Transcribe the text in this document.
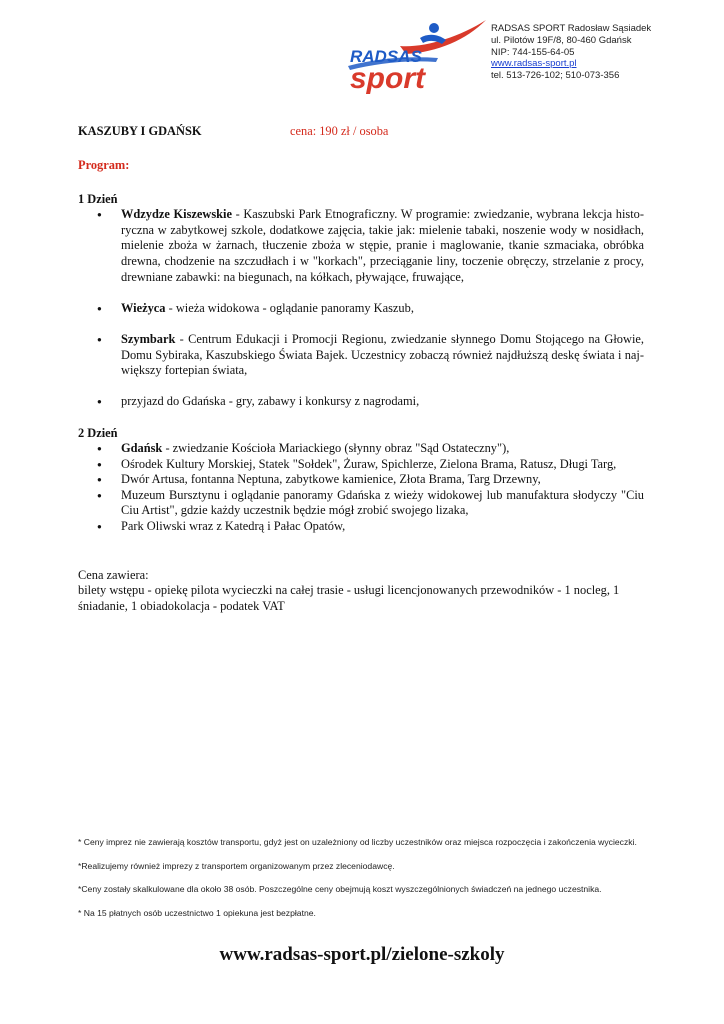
RADSAS
sport
RADSAS SPORT Radosław Sąsiadek
ul. Pilotów 19F/8, 80-460 Gdańsk
NIP: 744-155-64-05
www.radsas-sport.pl
tel. 513-726-102; 510-073-356
KASZUBY I GDAŃSK	cena: 190 zł / osoba
Program:
1 Dzień
● Wdzydze Kiszewskie - Kaszubski Park Etnograficzny. W programie: zwiedzanie, wybrana lekcja histo-ryczna w zabytkowej szkole, dodatkowe zajęcia, takie jak: mielenie tabaki, noszenie wody w nosidłach, mielenie zboża w żarnach, tłuczenie zboża w stępie, pranie i maglowanie, tkanie szmaciaka, obróbka drewna, chodzenie na szczudłach i w "korkach", przeciąganie liny, toczenie obręczy, strzelanie z procy, drewniane zabawki: na biegunach, na kółkach, pływające, fruwające,
● Wieżyca - wieża widokowa - oglądanie panoramy Kaszub,
● Szymbark - Centrum Edukacji i Promocji Regionu, zwiedzanie słynnego Domu Stojącego na Głowie, Domu Sybiraka, Kaszubskiego Świata Bajek. Uczestnicy zobaczą również najdłuższą deskę świata i naj-większy fortepian świata,
● przyjazd do Gdańska - gry, zabawy i konkursy z nagrodami,
2 Dzień
● Gdańsk - zwiedzanie Kościoła Mariackiego (słynny obraz "Sąd Ostateczny"),
● Ośrodek Kultury Morskiej, Statek "Sołdek", Żuraw, Spichlerze, Zielona Brama, Ratusz, Długi Targ,
● Dwór Artusa, fontanna Neptuna, zabytkowe kamienice, Złota Brama, Targ Drzewny,
● Muzeum Bursztynu i oglądanie panoramy Gdańska z wieży widokowej lub manufaktura słodyczy "Ciu Ciu Artist", gdzie każdy uczestnik będzie mógł zrobić swojego lizaka,
● Park Oliwski wraz z Katedrą i Pałac Opatów,
Cena zawiera:
bilety wstępu - opiekę pilota wycieczki na całej trasie - usługi licencjonowanych przewodników - 1 nocleg, 1 śniadanie, 1 obiadokolacja - podatek VAT

* Ceny imprez nie zawierają kosztów transportu, gdyż jest on uzależniony od liczby uczestników oraz miejsca rozpoczęcia i zakończenia wycieczki.

*Realizujemy również imprezy z transportem organizowanym przez zleceniodawcę.

*Ceny zostały skalkulowane dla około 38 osób. Poszczególne ceny obejmują koszt wyszczególnionych świadczeń na jednego uczestnika.

* Na 15 płatnych osób uczestnictwo 1 opiekuna jest bezpłatne.

www.radsas-sport.pl/zielone-szkoly
